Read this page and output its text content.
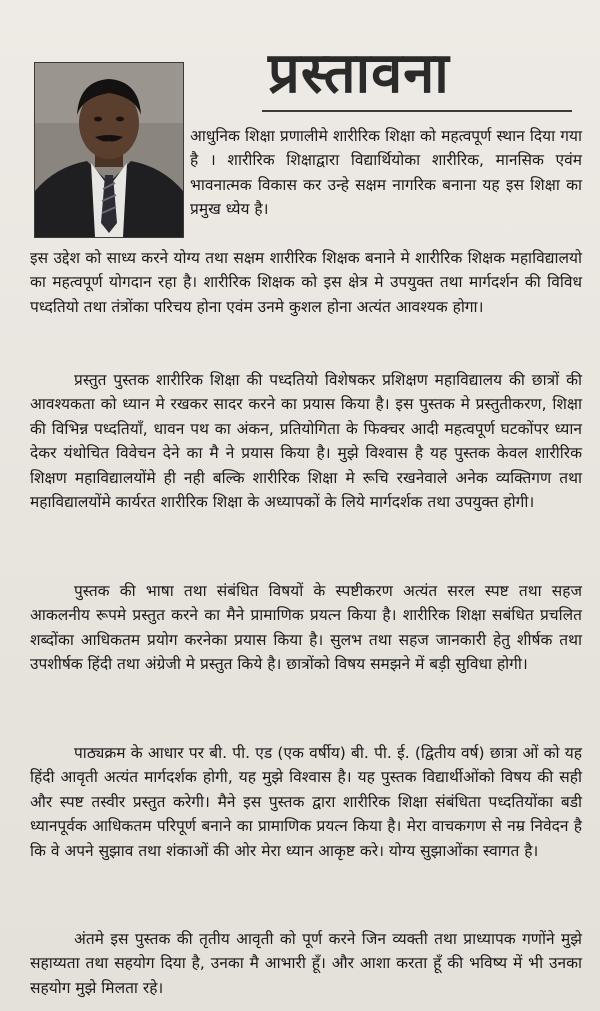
प्रस्तावना

आधुनिक शिक्षा प्रणालीमे शारीरिक शिक्षा को महत्वपूर्ण स्थान दिया गया है । शारीरिक शिक्षाद्वारा विद्यार्थियोका शारीरिक, मानसिक एवंम भावनात्मक विकास कर उन्हे सक्षम नागरिक बनाना यह इस शिक्षा का प्रमुख ध्येय है।

इस उद्देश को साध्य करने योग्य तथा सक्षम शारीरिक शिक्षक बनाने मे शारीरिक शिक्षक महाविद्यालयो का महत्वपूर्ण योगदान रहा है। शारीरिक शिक्षक को इस क्षेत्र मे उपयुक्त तथा मार्गदर्शन की विविध पध्दतियो तथा तंत्रोंका परिचय होना एवंम उनमे कुशल होना अत्यंत आवश्यक होगा।

प्रस्तुत पुस्तक शारीरिक शिक्षा की पध्दतियो विशेषकर प्रशिक्षण महाविद्यालय की छात्रों की आवश्यकता को ध्यान मे रखकर सादर करने का प्रयास किया है। इस पुस्तक मे प्रस्तुतीकरण, शिक्षा की विभिन्न पध्दतियाँ, धावन पथ का अंकन, प्रतियोगिता के फिक्चर आदी महत्वपूर्ण घटकोंपर ध्यान देकर यंथोचित विवेचन देने का मै ने प्रयास किया है। मुझे विश्वास है यह पुस्तक केवल शारीरिक शिक्षण महाविद्यालयोंमे ही नही बल्कि शारीरिक शिक्षा मे रूचि रखनेवाले अनेक व्यक्तिगण तथा महाविद्यालयोंमे कार्यरत शारीरिक शिक्षा के अध्यापकों के लिये मार्गदर्शक तथा उपयुक्त होगी।

पुस्तक की भाषा तथा संबंधित विषयों के स्पष्टीकरण अत्यंत सरल स्पष्ट तथा सहज आकलनीय रूपमे प्रस्तुत करने का मैने प्रामाणिक प्रयत्न किया है। शारीरिक शिक्षा सबंधित प्रचलित शब्दोंका आधिकतम प्रयोग करनेका प्रयास किया है। सुलभ तथा सहज जानकारी हेतु शीर्षक तथा उपशीर्षक हिंदी तथा अंग्रेजी मे प्रस्तुत किये है। छात्रोंको विषय समझने में बड़ी सुविधा होगी।

पाठ्यक्रम के आधार पर बी. पी. एड (एक वर्षीय) बी. पी. ई. (द्वितीय वर्ष) छात्रा ओं को यह हिंदी आवृती अत्यंत मार्गदर्शक होगी, यह मुझे विश्वास है। यह पुस्तक विद्यार्थीओंको विषय की सही और स्पष्ट तस्वीर प्रस्तुत करेगी। मैने इस पुस्तक द्वारा शारीरिक शिक्षा संबंधिता पध्दतियोंका बडी ध्यानपूर्वक आधिकतम परिपूर्ण बनाने का प्रामाणिक प्रयत्न किया है। मेरा वाचकगण से नम्र निवेदन है कि वे अपने सुझाव तथा शंकाओं की ओर मेरा ध्यान आकृष्ट करे। योग्य सुझाओंका स्वागत है।

अंतमे इस पुस्तक की तृतीय आवृती को पूर्ण करने जिन व्यक्ती तथा प्राध्यापक गणोंने मुझे सहाय्यता तथा सहयोग दिया है, उनका मै आभारी हूँ। और आशा करता हूँ की भविष्य में भी उनका सहयोग मुझे मिलता रहे।
